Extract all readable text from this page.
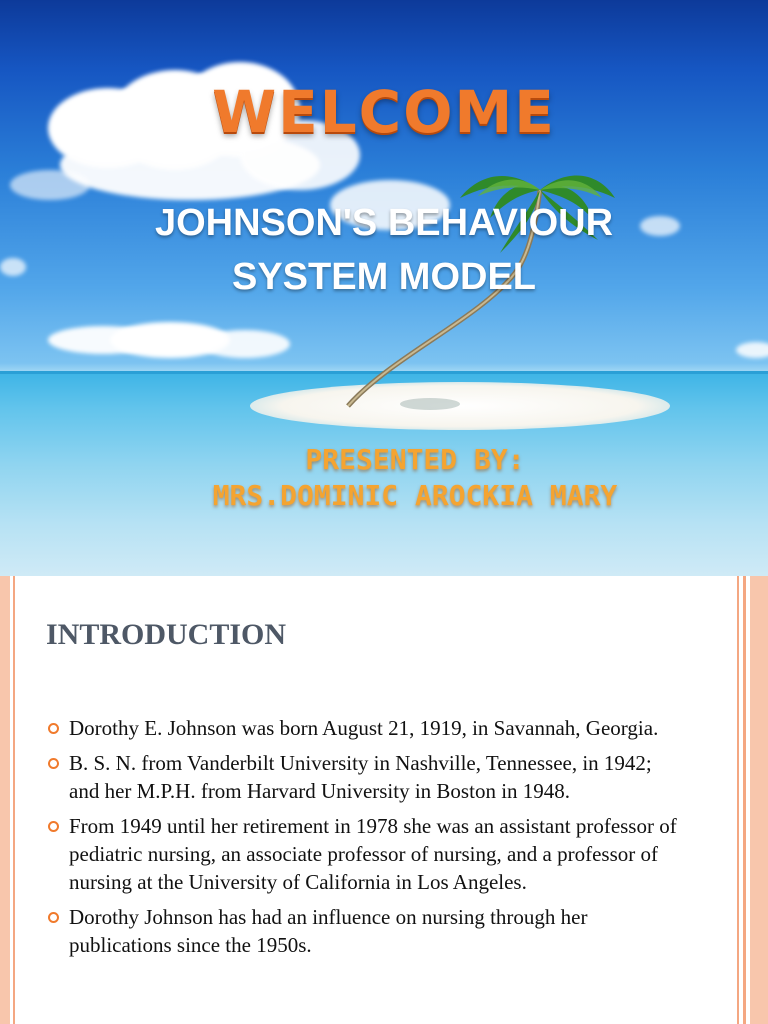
WELCOME
JOHNSON'S BEHAVIOUR
SYSTEM MODEL
PRESENTED BY:
MRS.DOMINIC AROCKIA MARY
INTRODUCTION
Dorothy E. Johnson was born August 21, 1919, in Savannah, Georgia.
B. S. N. from Vanderbilt University in Nashville, Tennessee, in 1942; and her M.P.H. from Harvard University in Boston in 1948.
From 1949 until her retirement in 1978 she was an assistant professor of pediatric nursing, an associate professor of nursing, and a professor of nursing at the University of California in Los Angeles.
Dorothy Johnson has had an influence on nursing through her publications since the 1950s.
